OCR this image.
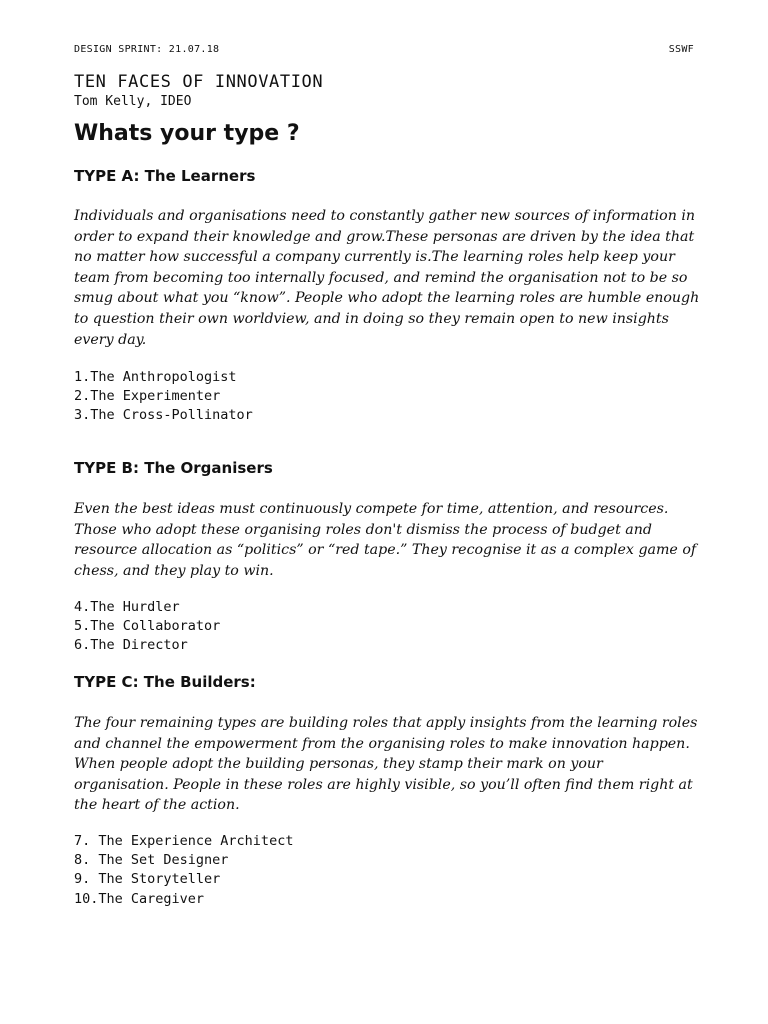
DESIGN SPRINT: 21.07.18	SSWF
TEN FACES OF INNOVATION
Tom Kelly, IDEO
Whats your type ?
TYPE A: The Learners

Individuals and organisations need to constantly gather new sources of information in order to expand their knowledge and grow.These personas are driven by the idea that no matter how successful a company currently is.The learning roles help keep your team from becoming too internally focused, and remind the organisation not to be so smug about what you “know”. People who adopt the learning roles are humble enough to question their own worldview, and in doing so they remain open to new insights every day.

1.The Anthropologist
2.The Experimenter
3.The Cross-Pollinator
TYPE B: The Organisers

Even the best ideas must continuously compete for time, attention, and resources. Those who adopt these organising roles don't dismiss the process of budget and resource allocation as “politics” or “red tape.” They recognise it as a complex game of chess, and they play to win.

4.The Hurdler
5.The Collaborator
6.The Director
TYPE C: The Builders:

The four remaining types are building roles that apply insights from the learning roles and channel the empowerment from the organising roles to make innovation happen. When people adopt the building personas, they stamp their mark on your organisation. People in these roles are highly visible, so you’ll often find them right at the heart of the action.

7. The Experience Architect
8. The Set Designer
9. The Storyteller
10.The Caregiver
